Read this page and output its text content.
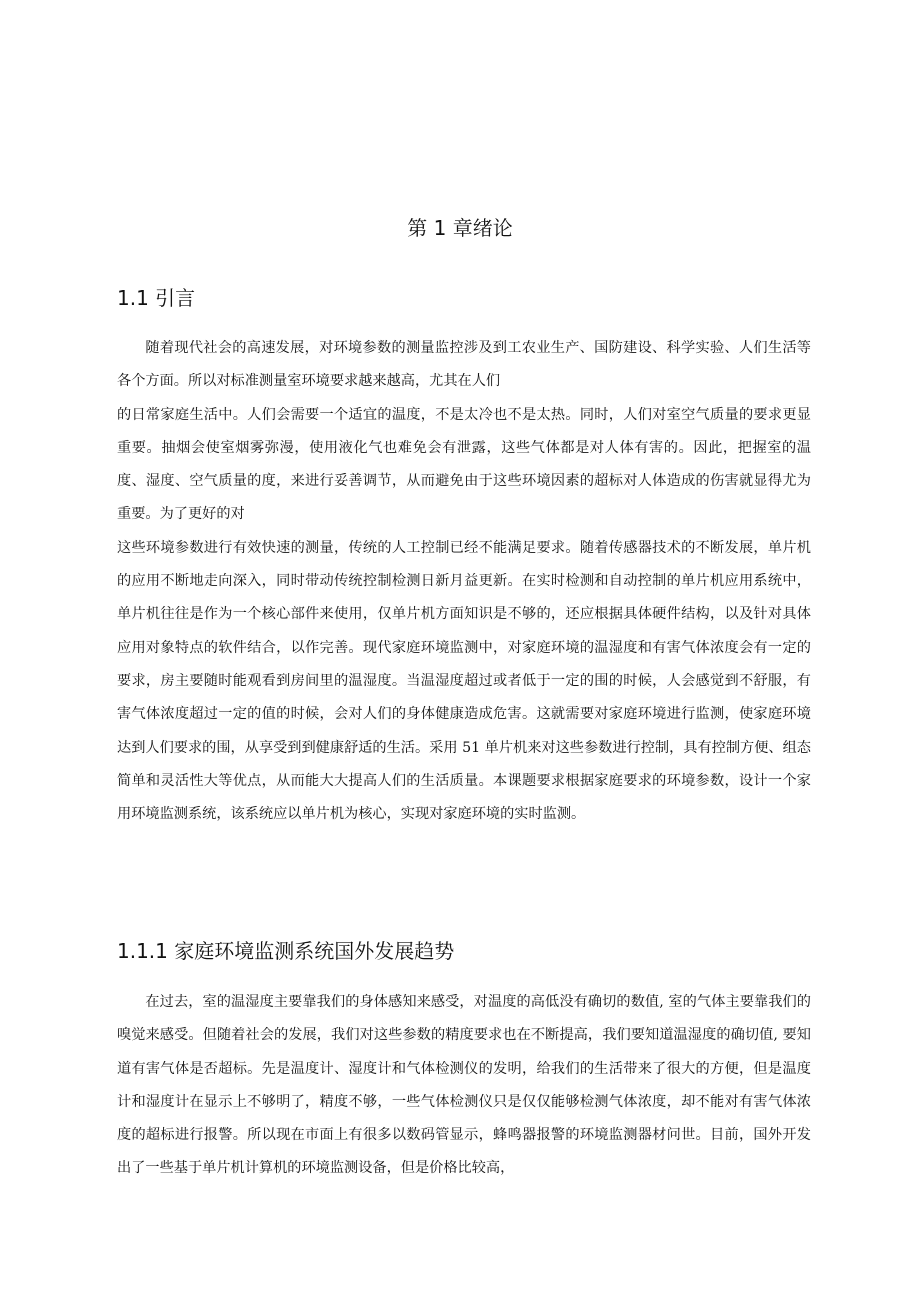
第 1 章绪论
1.1 引言

随着现代社会的高速发展，对环境参数的测量监控涉及到工农业生产、国防建设、科学实验、人们生活等各个方面。所以对标准测量室环境要求越来越高，尤其在人们

的日常家庭生活中。人们会需要一个适宜的温度，不是太冷也不是太热。同时，人们对室空气质量的要求更显重要。抽烟会使室烟雾弥漫，使用液化气也难免会有泄露，这些气体都是对人体有害的。因此，把握室的温度、湿度、空气质量的度，来进行妥善调节，从而避免由于这些环境因素的超标对人体造成的伤害就显得尤为重要。为了更好的对

这些环境参数进行有效快速的测量，传统的人工控制已经不能满足要求。随着传感器技术的不断发展，单片机的应用不断地走向深入，同时带动传统控制检测日新月益更新。在实时检测和自动控制的单片机应用系统中，单片机往往是作为一个核心部件来使用，仅单片机方面知识是不够的，还应根据具体硬件结构，以及针对具体应用对象特点的软件结合，以作完善。现代家庭环境监测中，对家庭环境的温湿度和有害气体浓度会有一定的要求，房主要随时能观看到房间里的温湿度。当温湿度超过或者低于一定的围的时候，人会感觉到不舒服，有害气体浓度超过一定的值的时候，会对人们的身体健康造成危害。这就需要对家庭环境进行监测，使家庭环境达到人们要求的围，从享受到到健康舒适的生活。采用 51 单片机来对这些参数进行控制，具有控制方便、组态简单和灵活性大等优点，从而能大大提高人们的生活质量。本课题要求根据家庭要求的环境参数，设计一个家用环境监测系统，该系统应以单片机为核心，实现对家庭环境的实时监测。

1.1.1 家庭环境监测系统国外发展趋势

在过去，室的温湿度主要靠我们的身体感知来感受，对温度的高低没有确切的数值, 室的气体主要靠我们的嗅觉来感受。但随着社会的发展，我们对这些参数的精度要求也在不断提高，我们要知道温湿度的确切值, 要知道有害气体是否超标。先是温度计、湿度计和气体检测仪的发明，给我们的生活带来了很大的方便，但是温度计和湿度计在显示上不够明了，精度不够，一些气体检测仪只是仅仅能够检测气体浓度，却不能对有害气体浓度的超标进行报警。所以现在市面上有很多以数码管显示，蜂鸣器报警的环境监测器材问世。目前，国外开发出了一些基于单片机计算机的环境监测设备，但是价格比较高，
